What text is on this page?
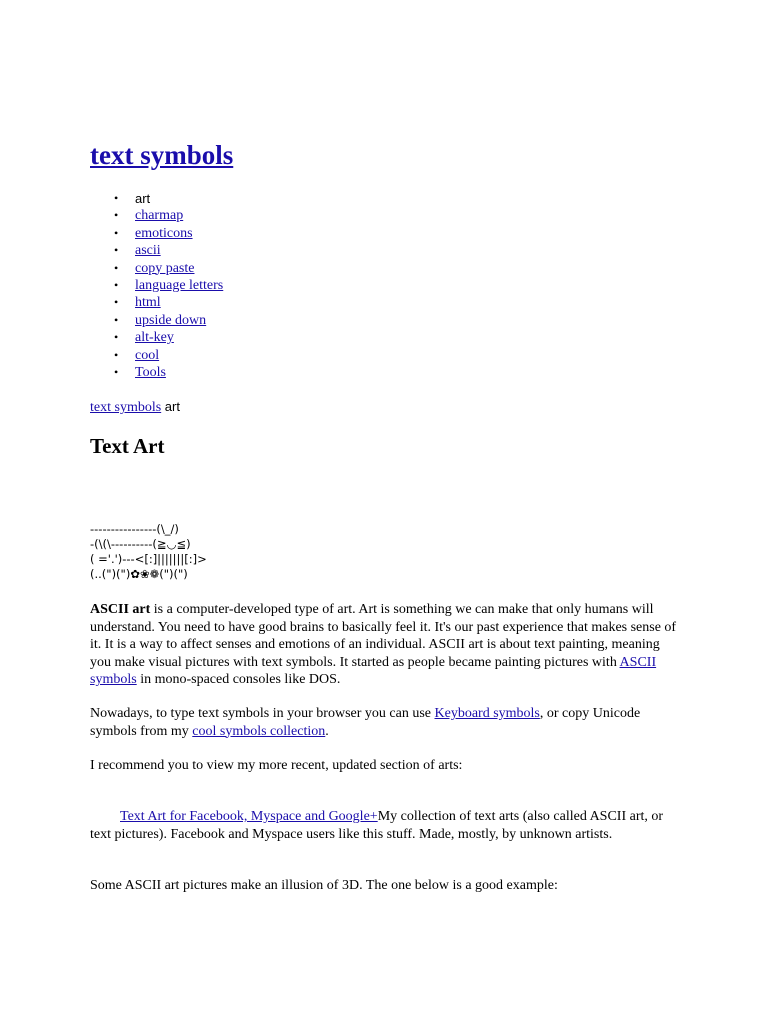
text symbols
• art
• charmap
• emoticons
• ascii
• copy paste
• language letters
• html
• upside down
• alt-key
• cool
• Tools
text symbols art
Text Art
----------------(\_/)
-(\(\----------(≧◡≦)
( ='.')---<[:]|||||||[:]>
(..(")(")✿❀❁(")(")

ASCII art is a computer-developed type of art. Art is something we can make that only humans will understand. You need to have good brains to basically feel it. It's our past experience that makes sense of it. It is a way to affect senses and emotions of an individual. ASCII art is about text painting, meaning you make visual pictures with text symbols. It started as people became painting pictures with ASCII symbols in mono-spaced consoles like DOS.

Nowadays, to type text symbols in your browser you can use Keyboard symbols, or copy Unicode symbols from my cool symbols collection.

I recommend you to view my more recent, updated section of arts:

Text Art for Facebook, Myspace and Google+My collection of text arts (also called ASCII art, or text pictures). Facebook and Myspace users like this stuff. Made, mostly, by unknown artists.

Some ASCII art pictures make an illusion of 3D. The one below is a good example:
